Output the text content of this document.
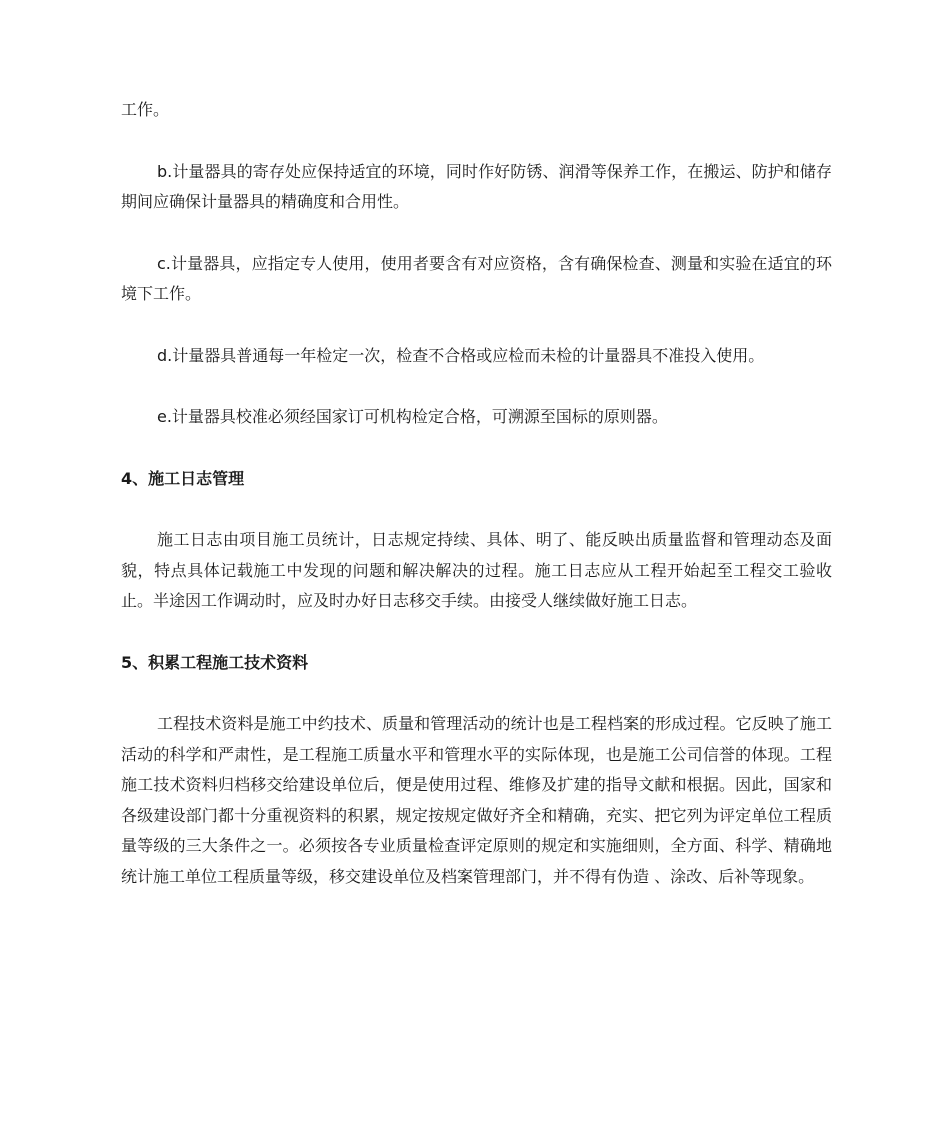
工作。

b.计量器具的寄存处应保持适宜的环境，同时作好防锈、润滑等保养工作，在搬运、防护和储存期间应确保计量器具的精确度和合用性。

c.计量器具，应指定专人使用，使用者要含有对应资格，含有确保检查、测量和实验在适宜的环境下工作。

d.计量器具普通每一年检定一次，检查不合格或应检而未检的计量器具不准投入使用。

e.计量器具校准必须经国家订可机构检定合格，可溯源至国标的原则器。

4、施工日志管理

施工日志由项目施工员统计，日志规定持续、具体、明了、能反映出质量监督和管理动态及面貌，特点具体记载施工中发现的问题和解决解决的过程。施工日志应从工程开始起至工程交工验收止。半途因工作调动时，应及时办好日志移交手续。由接受人继续做好施工日志。

5、积累工程施工技术资料

工程技术资料是施工中约技术、质量和管理活动的统计也是工程档案的形成过程。它反映了施工活动的科学和严肃性，是工程施工质量水平和管理水平的实际体现，也是施工公司信誉的体现。工程施工技术资料归档移交给建设单位后，便是使用过程、维修及扩建的指导文献和根据。因此，国家和各级建设部门都十分重视资料的积累，规定按规定做好齐全和精确，充实、把它列为评定单位工程质量等级的三大条件之一。必须按各专业质量检查评定原则的规定和实施细则，全方面、科学、精确地统计施工单位工程质量等级，移交建设单位及档案管理部门，并不得有伪造 、涂改、后补等现象。
